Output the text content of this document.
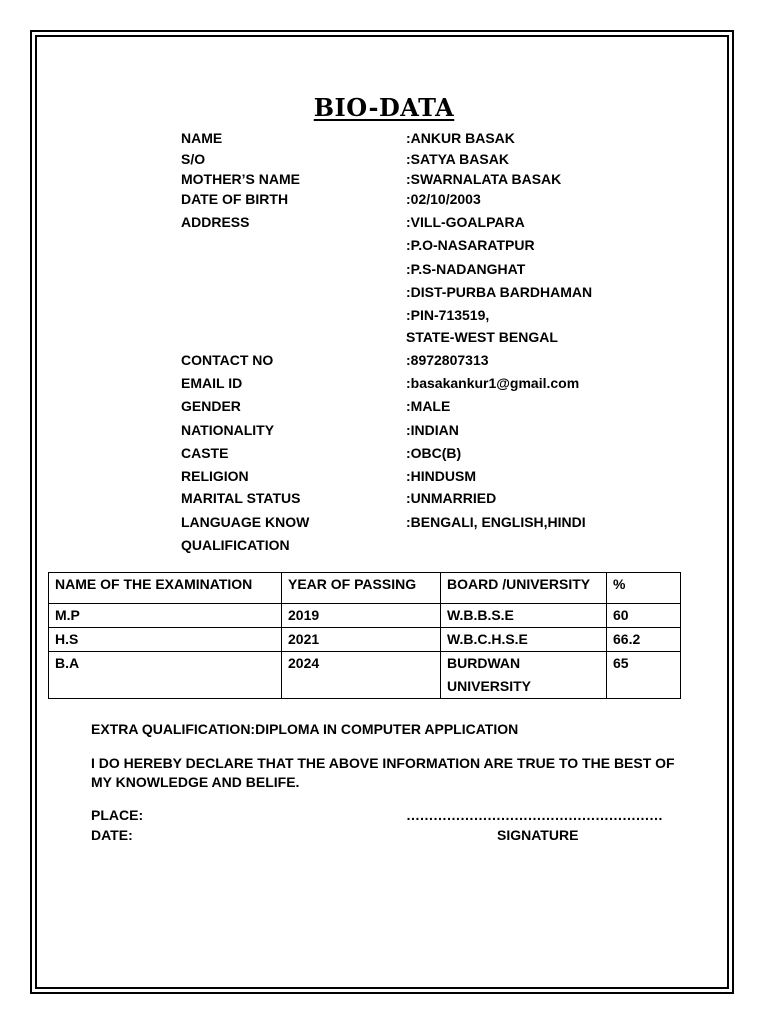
BIO-DATA
NAME	:ANKUR BASAK
S/O	:SATYA BASAK
MOTHER’S NAME	:SWARNALATA BASAK
DATE OF BIRTH	:02/10/2003
ADDRESS	:VILL-GOALPARA
:P.O-NASARATPUR
:P.S-NADANGHAT
:DIST-PURBA BARDHAMAN
:PIN-713519,
STATE-WEST BENGAL
CONTACT NO	:8972807313
EMAIL ID	:basakankur1@gmail.com
GENDER	:MALE
NATIONALITY	:INDIAN
CASTE	:OBC(B)
RELIGION	:HINDUSM
MARITAL STATUS	:UNMARRIED
LANGUAGE KNOW	:BENGALI, ENGLISH,HINDI
QUALIFICATION
NAME OF THE EXAMINATION	YEAR OF PASSING	BOARD /UNIVERSITY	%
M.P	2019	W.B.B.S.E	60
H.S	2021	W.B.C.H.S.E	66.2
B.A	2024	BURDWAN UNIVERSITY	65
EXTRA QUALIFICATION:DIPLOMA IN COMPUTER APPLICATION
I DO HEREBY DECLARE THAT THE ABOVE INFORMATION ARE TRUE TO THE BEST OF MY KNOWLEDGE AND BELIFE.
PLACE:
DATE:
…………………………………………………
SIGNATURE
